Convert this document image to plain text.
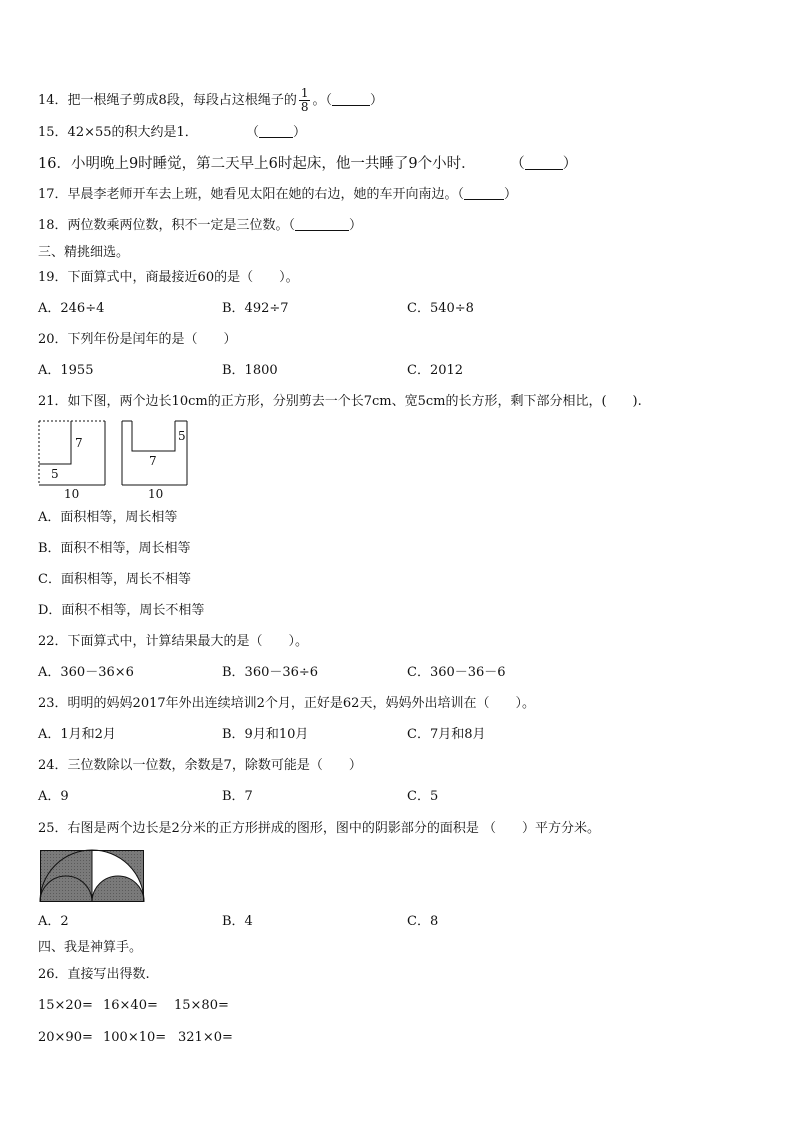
14．把一根绳子剪成8段，每段占这根绳子的 $\frac{1}{8}$ 。（	）
15．42×55的积大约是1．	（	）
16．小明晚上9时睡觉，第二天早上6时起床，他一共睡了9个小时． （	）
17．早晨李老师开车去上班，她看见太阳在她的右边，她的车开向南边。（	）
18．两位数乘两位数，积不一定是三位数。（	）
三、精挑细选。
19．下面算式中，商最接近60的是（　　）。
A．246÷4	B．492÷7	C．540÷8
20．下列年份是闰年的是（　　）
A．1955	B．1800	C．2012
21．如下图，两个边长10cm的正方形，分别剪去一个长7cm、宽5cm的长方形，剩下部分相比，(　　).
7
5
10
5
7
10
A．面积相等，周长相等
B．面积不相等，周长相等
C．面积相等，周长不相等
D．面积不相等，周长不相等
22．下面算式中，计算结果最大的是（　　）。
A．360－36×6	B．360－36÷6	C．360－36－6
23．明明的妈妈2017年外出连续培训2个月，正好是62天，妈妈外出培训在（　　）。
A．1月和2月	B．9月和10月	C．7月和8月
24．三位数除以一位数，余数是7，除数可能是（　　）
A．9	B．7	C．5
25．右图是两个边长是2分米的正方形拼成的图形，图中的阴影部分的面积是 （　　）平方分米。
A．2	B．4	C．8
四、我是神算手。
26．直接写出得数.
15×20= 16×40= 15×80=
20×90= 100×10= 321×0=
